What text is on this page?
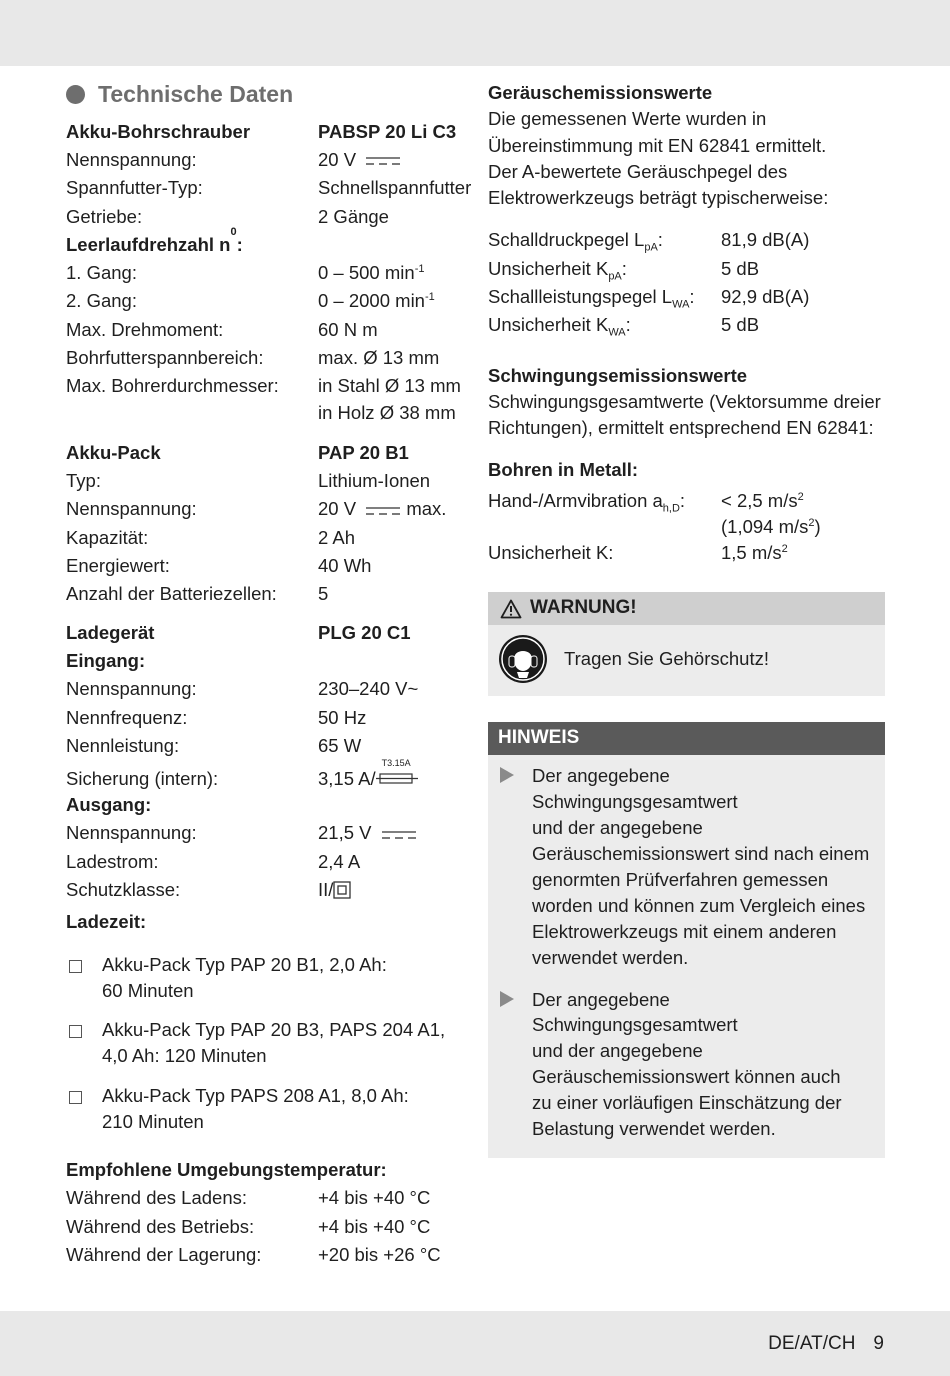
Technische Daten
Akku-Bohrschrauber	PABSP 20 Li C3
Nennspannung:	20 V
Spannfutter-Typ:	Schnellspannfutter
Getriebe:	2 Gänge
Leerlaufdrehzahl n
0
:
1. Gang:	0 – 500 $\min^{-1}$
2. Gang:	0 – 2000 $\min^{-1}$
Max. Drehmoment:	60 N m
Bohrfutterspannbereich:	max. Ø 13 mm
Max. Bohrerdurchmesser:	in Stahl Ø 13 mm
in Holz Ø 38 mm
Akku-Pack	PAP 20 B1
Typ:	Lithium-Ionen
Nennspannung:	20 V	max.
Kapazität:	2 Ah
Energiewert:	40 Wh
Anzahl der Batteriezellen:	5
Ladegerät	PLG 20 C1
Eingang:
Nennspannung:	230–240 V~
Nennfrequenz:	50 Hz
Nennleistung:	65 W
Sicherung (intern):	3,15 A/
T3.15A
Ausgang:
Nennspannung:	21,5 V
Ladestrom:	2,4 A
Schutzklasse:	II/
Ladezeit:
Akku-Pack Typ PAP 20 B1, 2,0 Ah:
60 Minuten
Akku-Pack Typ PAP 20 B3, PAPS 204 A1,
4,0 Ah: 120 Minuten
Akku-Pack Typ PAPS 208 A1, 8,0 Ah:
210 Minuten
Empfohlene Umgebungstemperatur:
Während des Ladens:	+4 bis +40 °C
Während des Betriebs:	+4 bis +40 °C
Während der Lagerung:	+20 bis +26 °C
Geräuschemissionswerte
Die gemessenen Werte wurden in
Übereinstimmung mit EN 62841 ermittelt.
Der A-bewertete Geräuschpegel des
Elektrowerkzeugs beträgt typischerweise:
Schalldruckpegel $L_{pA}$:	81,9 dB(A)
Unsicherheit $K_{pA}$:	5 dB
Schallleistungspegel $L_{WA}$:	92,9 dB(A)
Unsicherheit $K_{WA}$:	5 dB
Schwingungsemissionswerte
Schwingungsgesamtwerte (Vektorsumme dreier
Richtungen), ermittelt entsprechend EN 62841:
Bohren in Metall:
Hand-/Armvibration $a_{h,D}$:	< 2,5 $m/s^2$
(1,094 $m/s^2$)
Unsicherheit K:	1,5 $m/s^2$
WARNUNG!
Tragen Sie Gehörschutz!
HINWEIS
Der angegebene Schwingungsgesamtwert
und der angegebene
Geräuschemissionswert sind nach einem
genormten Prüfverfahren gemessen
worden und können zum Vergleich eines
Elektrowerkzeugs mit einem anderen
verwendet werden.
Der angegebene Schwingungsgesamtwert
und der angegebene
Geräuschemissionswert können auch
zu einer vorläufigen Einschätzung der
Belastung verwendet werden.
DE/AT/CH 9
